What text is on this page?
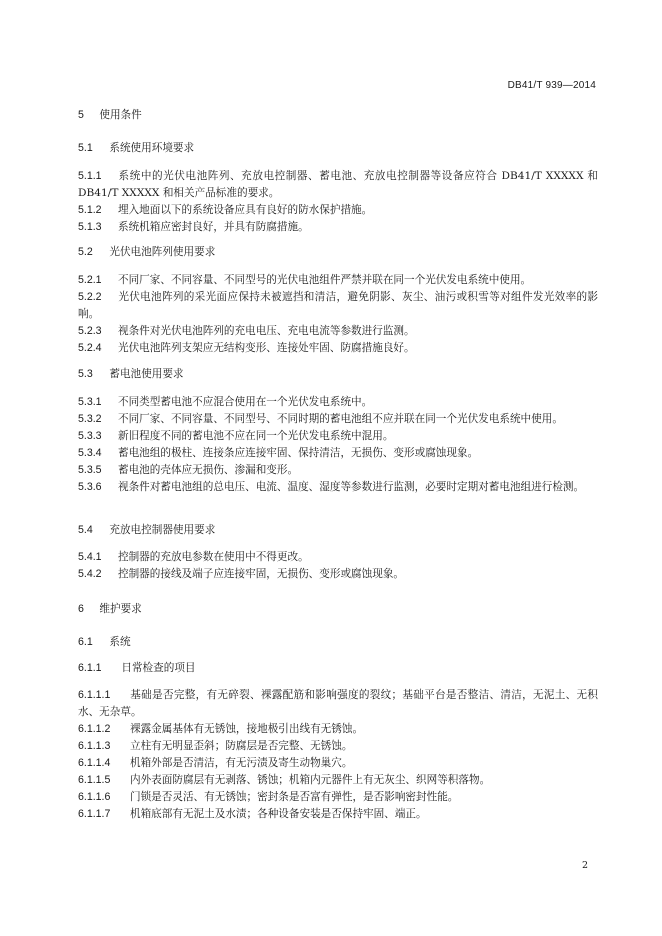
DB41/T 939—2014
5 使用条件
5.1 系统使用环境要求
5.1.1 系统中的光伏电池阵列、充放电控制器、蓄电池、充放电控制器等设备应符合 DB41/T XXXXX 和 DB41/T XXXXX 和相关产品标准的要求。
5.1.2 埋入地面以下的系统设备应具有良好的防水保护措施。
5.1.3 系统机箱应密封良好，并具有防腐措施。
5.2 光伏电池阵列使用要求
5.2.1 不同厂家、不同容量、不同型号的光伏电池组件严禁并联在同一个光伏发电系统中使用。
5.2.2 光伏电池阵列的采光面应保持未被遮挡和清洁，避免阴影、灰尘、油污或积雪等对组件发光效率的影响。
5.2.3 视条件对光伏电池阵列的充电电压、充电电流等参数进行监测。
5.2.4 光伏电池阵列支架应无结构变形、连接处牢固、防腐措施良好。
5.3 蓄电池使用要求
5.3.1 不同类型蓄电池不应混合使用在一个光伏发电系统中。
5.3.2 不同厂家、不同容量、不同型号、不同时期的蓄电池组不应并联在同一个光伏发电系统中使用。
5.3.3 新旧程度不同的蓄电池不应在同一个光伏发电系统中混用。
5.3.4 蓄电池组的极柱、连接条应连接牢固、保持清洁，无损伤、变形或腐蚀现象。
5.3.5 蓄电池的壳体应无损伤、渗漏和变形。
5.3.6 视条件对蓄电池组的总电压、电流、温度、湿度等参数进行监测，必要时定期对蓄电池组进行检测。
5.4 充放电控制器使用要求
5.4.1 控制器的充放电参数在使用中不得更改。
5.4.2 控制器的接线及端子应连接牢固，无损伤、变形或腐蚀现象。
6 维护要求
6.1 系统
6.1.1 日常检查的项目
6.1.1.1 基础是否完整，有无碎裂、裸露配筋和影响强度的裂纹；基础平台是否整洁、清洁，无泥土、无积水、无杂草。
6.1.1.2 裸露金属基体有无锈蚀，接地极引出线有无锈蚀。
6.1.1.3 立柱有无明显歪斜；防腐层是否完整、无锈蚀。
6.1.1.4 机箱外部是否清洁，有无污渍及寄生动物巢穴。
6.1.1.5 内外表面防腐层有无剥落、锈蚀；机箱内元器件上有无灰尘、织网等积落物。
6.1.1.6 门锁是否灵活、有无锈蚀；密封条是否富有弹性，是否影响密封性能。
6.1.1.7 机箱底部有无泥土及水渍；各种设备安装是否保持牢固、端正。
2
